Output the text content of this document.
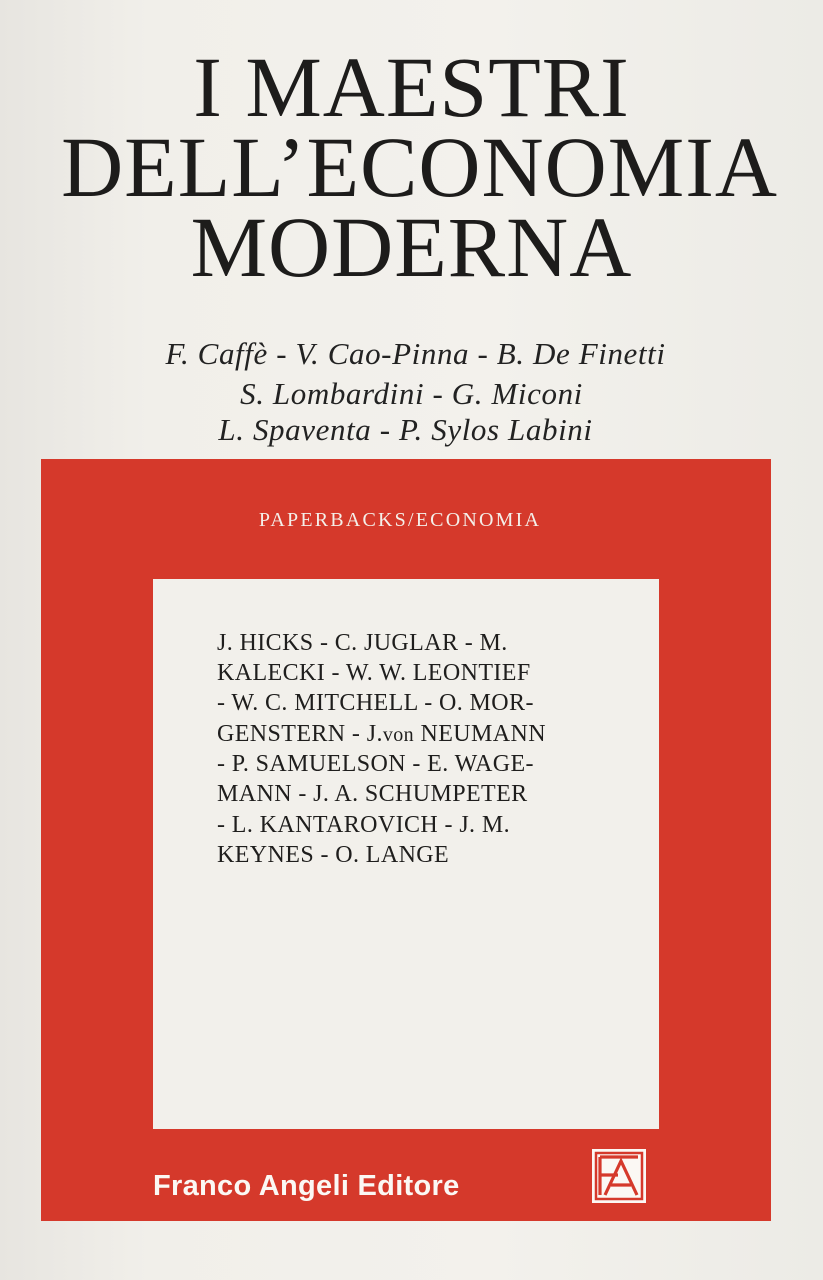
I MAESTRI
DELL’ECONOMIA
MODERNA
F. Caffè - V. Cao-Pinna - B. De Finetti
S. Lombardini - G. Miconi
L. Spaventa - P. Sylos Labini
PAPERBACKS/ECONOMIA
J. HICKS - C. JUGLAR - M.
KALECKI - W. W. LEONTIEF
- W. C. MITCHELL - O. MOR-
GENSTERN - J.von NEUMANN
- P. SAMUELSON - E. WAGE-
MANN - J. A. SCHUMPETER
- L. KANTAROVICH - J. M.
KEYNES - O. LANGE
Franco Angeli Editore
